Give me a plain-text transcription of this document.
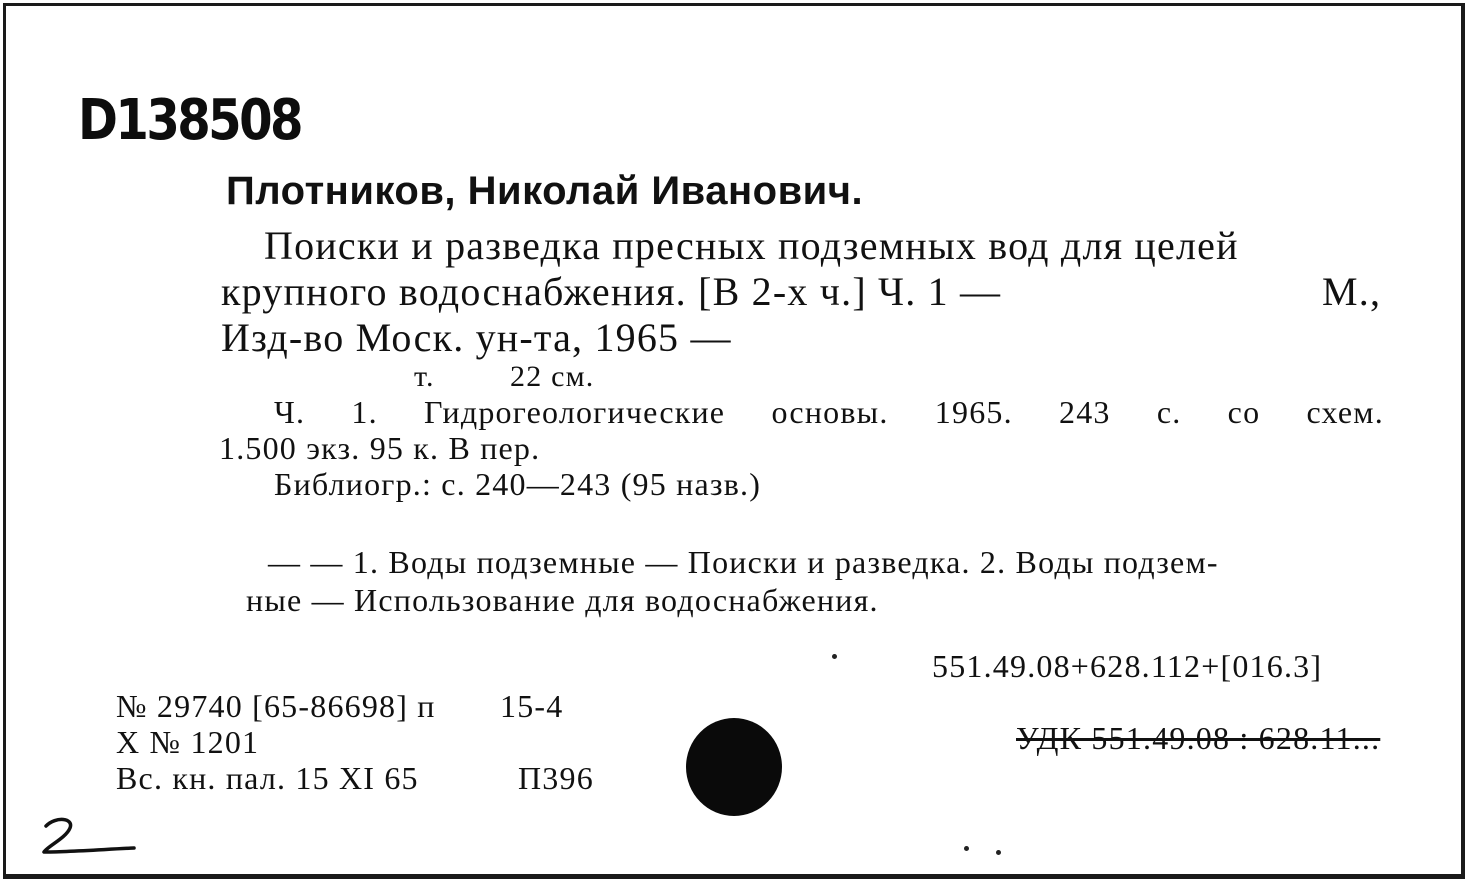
D138508
Плотников, Николай Иванович.
Поиски и разведка пресных подземных вод для целей
крупного водоснабжения. [В 2-х ч.] Ч. 1 —	М.,
Изд-во Моск. ун-та, 1965 —
т.	22 см.
Ч. 1. Гидрогеологические основы. 1965. 243 с. со схем.
1.500 экз. 95 к. В пер.
Библиогр.: с. 240—243 (95 назв.)
— — 1. Воды подземные — Поиски и разведка. 2. Воды подзем-
ные — Использование для водоснабжения.
551.49.08+628.112+[016.3]
УДК 551.49.08 : 628.11...
№ 29740 [65-86698] п 15-4
Х № 1201
Вс. кн. пал. 15 XI 65	П396
